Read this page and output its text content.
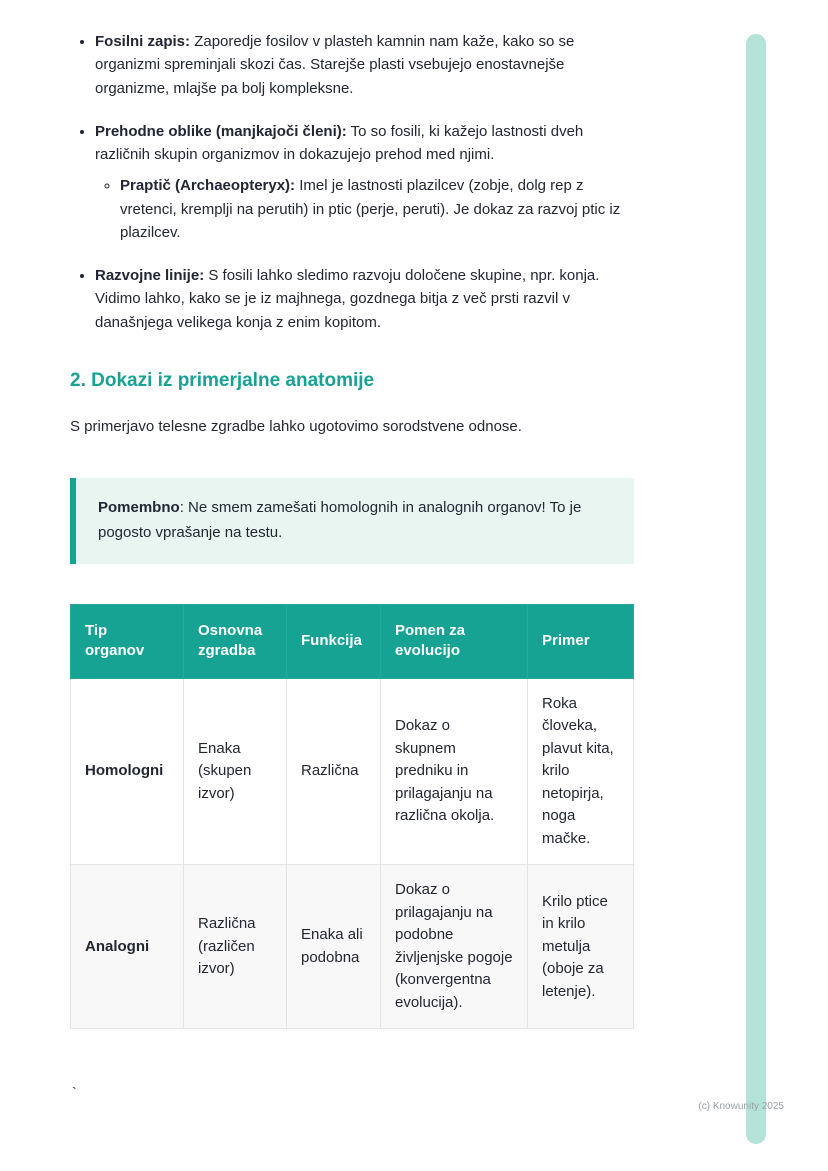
• Fosilni zapis: Zaporedje fosilov v plasteh kamnin nam kaže, kako so se organizmi spreminjali skozi čas. Starejše plasti vsebujejo enostavnejše organizme, mlajše pa bolj kompleksne.
• Prehodne oblike (manjkajoči členi): To so fosili, ki kažejo lastnosti dveh različnih skupin organizmov in dokazujejo prehod med njimi.
◦ Praptič (Archaeopteryx): Imel je lastnosti plazilcev (zobje, dolg rep z vretenci, kremplji na perutih) in ptic (perje, peruti). Je dokaz za razvoj ptic iz plazilcev.
• Razvojne linije: S fosili lahko sledimo razvoju določene skupine, npr. konja. Vidimo lahko, kako se je iz majhnega, gozdnega bitja z več prsti razvil v današnjega velikega konja z enim kopitom.
2. Dokazi iz primerjalne anatomije

S primerjavo telesne zgradbe lahko ugotovimo sorodstvene odnose.

Pomembno: Ne smem zamešati homolognih in analognih organov! To je pogosto vprašanje na testu.
Tip organov	Osnovna zgradba	Funkcija	Pomen za evolucijo	Primer
Homologni	Enaka (skupen izvor)	Različna	Dokaz o skupnem predniku in prilagajanju na različna okolja.	Roka človeka, plavut kita, krilo netopirja, noga mačke.
Analogni	Različna (različen izvor)	Enaka ali podobna	Dokaz o prilagajanju na podobne življenjske pogoje (konvergentna evolucija).	Krilo ptice in krilo metulja (oboje za letenje).
`
(c) Knowunity 2025
